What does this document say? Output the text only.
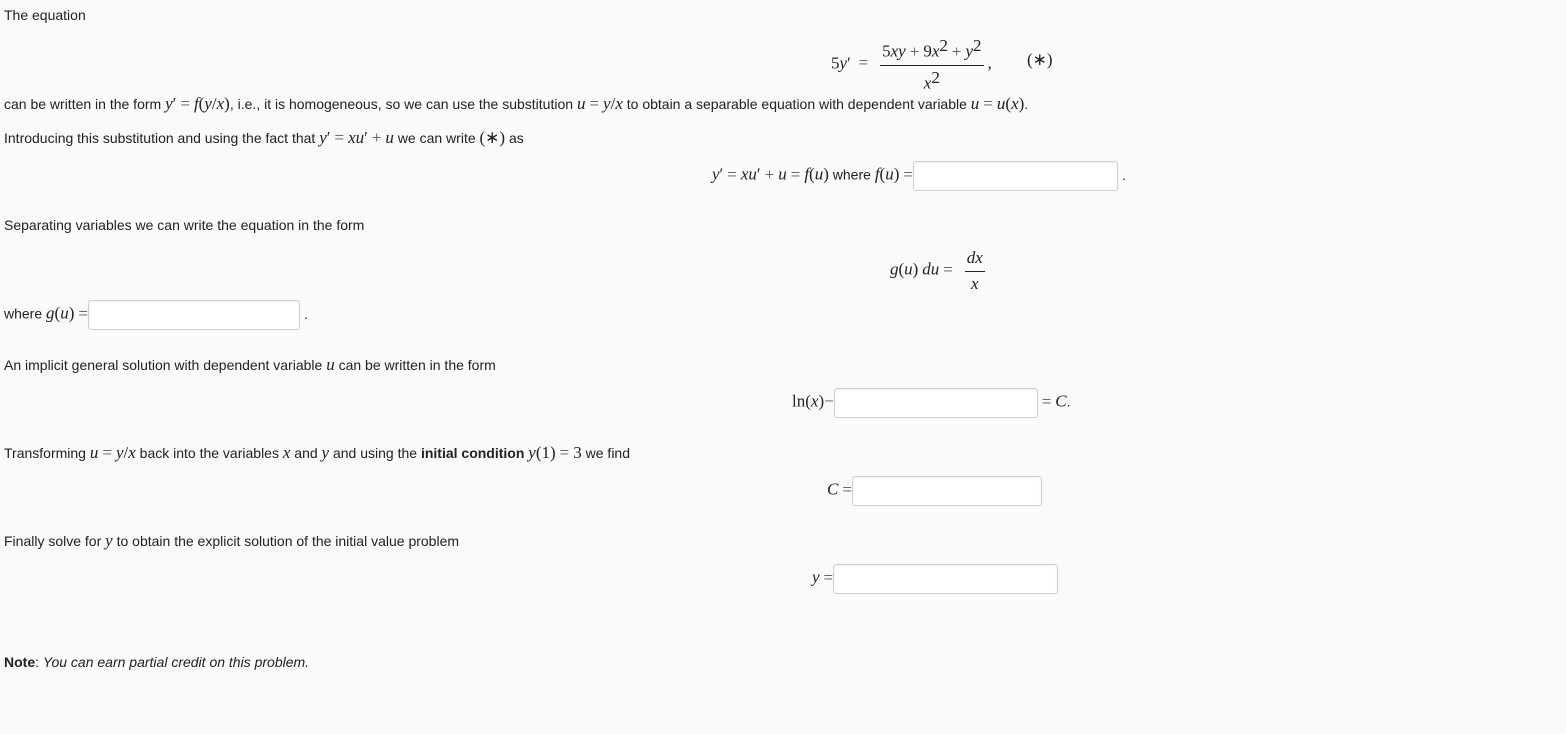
The equation
$5y' = \frac{5xy + 9x^2 + y^2}{x^2}$ , (∗)
can be written in the form y′ = f(y/x), i.e., it is homogeneous, so we can use the substitution u = y/x to obtain a separable equation with dependent variable u = u(x).
Introducing this substitution and using the fact that y′ = xu′ + u we can write (∗) as
y′ = xu′ + u = f(u) where f(u) =	.
Separating variables we can write the equation in the form
g(u) du = $\frac{dx}{x}$
where g(u) =	.
An implicit general solution with dependent variable u can be written in the form
ln(x)−	= C.
Transforming u = y/x back into the variables x and y and using the initial condition y(1) = 3 we find
C =
Finally solve for y to obtain the explicit solution of the initial value problem
y =
Note: You can earn partial credit on this problem.
